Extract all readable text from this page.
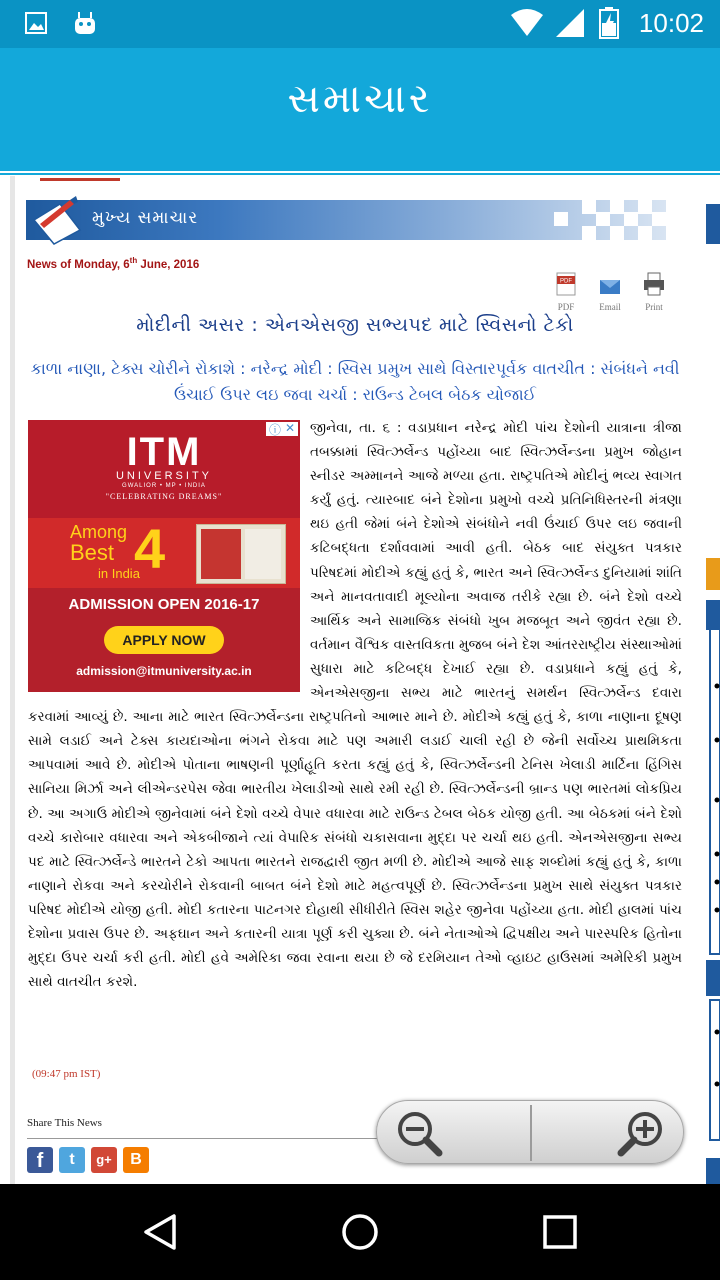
10:02
સમાચાર
મુખ્ય સમાચાર
News of Monday, 6th June, 2016
PDF
PDF	Email	Print
મોદીની અસર : એનએસજી સભ્યપદ માટે સ્વિસનો ટેકો
કાળા નાણા, ટેક્સ ચોરીને રોકાશે : નરેન્દ્ર મોદી : સ્વિસ પ્રમુખ સાથે વિસ્તારપૂર્વક વાતચીત : સંબંધને નવી ઉંચાઈ ઉપર લઇ જવા ચર્ચા : રાઉન્ડ ટેબલ બેઠક યોજાઈ
જીનેવા, તા. ૬ : વડાપ્રધાન નરેન્દ્ર મોદી પાંચ દેશોની યાત્રાના ત્રીજા તબક્કામાં સ્વિત્ઝર્લેન્ડ પહોંચ્યા બાદ સ્વિત્ઝર્લેન્ડના પ્રમુખ જોહાન સ્નીડર અમ્માનને આજે મળ્યા હતા. રાષ્ટ્રપતિએ મોદીનું ભવ્ય સ્વાગત કર્યું હતું. ત્યારબાદ બંને દેશોના પ્રમુખો વચ્ચે પ્રતિનિધિસ્તરની મંત્રણા થઇ હતી જેમાં બંને દેશોએ સંબંધોને નવી ઉંચાઈ ઉપર લઇ જવાની કટિબદ્ધતા દર્શાવવામાં આવી હતી. બેઠક બાદ સંયુક્ત પત્રકાર પરિષદમાં મોદીએ કહ્યું હતું કે, ભારત અને સ્વિત્ઝર્લેન્ડ દુનિયામાં શાંતિ અને માનવતાવાદી મૂલ્યોના અવાજ તરીકે રહ્યા છે. બંને દેશો વચ્ચે આર્થિક અને સામાજિક સંબંધો ખુબ મજબૂત અને જીવંત રહ્યા છે. વર્તમાન વૈશ્વિક વાસ્તવિકતા મુજબ બંને દેશ આંતરરાષ્ટ્રીય સંસ્થાઓમાં સુધારા માટે કટિબદ્ધ દેખાઈ રહ્યા છે. વડાપ્રધાને કહ્યું હતું કે, એનએસજીના સભ્ય માટે ભારતનું સમર્થન સ્વિત્ઝર્લેન્ડ દવારા કરવામાં આવ્યું છે. આના માટે ભારત સ્વિત્ઝર્લેન્ડના રાષ્ટ્રપતિનો આભાર માને છે. મોદીએ કહ્યું હતું કે, કાળા નાણાના દૂષણ સામે લડાઈ અને ટેક્સ કાયદાઓના ભંગને રોકવા માટે પણ અમારી લડાઈ ચાલી રહી છે જેની સર્વોચ્ચ પ્રાથમિકતા આપવામાં આવે છે. મોદીએ પોતાના ભાષણની પૂર્ણાહૂતિ કરતા કહ્યું હતું કે, સ્વિત્ઝર્લેન્ડની ટેનિસ ખેલાડી માર્ટિના હિંગિસ સાનિયા મિર્ઝા અને લીએન્ડરપેસ જેવા ભારતીય ખેલાડીઓ સાથે રમી રહી છે. સ્વિત્ઝર્લેન્ડની બ્રાન્ડ પણ ભારતમાં લોકપ્રિય છે. આ અગાઉ મોદીએ જીનેવામાં બંને દેશો વચ્ચે વેપાર વધારવા માટે રાઉન્ડ ટેબલ બેઠક યોજી હતી. આ બેઠકમાં બંને દેશો વચ્ચે કારોબાર વધારવા અને એકબીજાને ત્યાં વેપારિક સંબંધો ચકાસવાના મુદ્દા પર ચર્ચા થઇ હતી. એનએસજીના સભ્ય પદ માટે સ્વિત્ઝર્લેન્ડે ભારતને ટેકો આપતા ભારતને રાજદ્વારી જીત મળી છે. મોદીએ આજે સાફ શબ્દોમાં કહ્યું હતું કે, કાળા નાણાને રોકવા અને કરચોરીને રોકવાની બાબત બંને દેશો માટે મહત્વપૂર્ણ છે. સ્વિત્ઝર્લેન્ડના પ્રમુખ સાથે સંયુક્ત પત્રકાર પરિષદ મોદીએ યોજી હતી. મોદી કતારના પાટનગર દોહાથી સીધીરીતે સ્વિસ શહેર જીનેવા પહોંચ્યા હતા. મોદી હાલમાં પાંચ દેશોના પ્રવાસ ઉપર છે. અફઘાન અને કતારની યાત્રા પૂર્ણ કરી ચુક્યા છે. બંને નેતાઓએ દ્વિપક્ષીય અને પારસ્પરિક હિતોના મુદ્દા ઉપર ચર્ચા કરી હતી. મોદી હવે અમેરિકા જવા રવાના થયા છે જે દરમિયાન તેઓ વ્હાઇટ હાઉસમાં અમેરિકી પ્રમુખ સાથે વાતચીત કરશે.
ITM
UNIVERSITY
GWALIOR • MP • INDIA
"CELEBRATING DREAMS"
Among
Best 4
in India
ADMISSION OPEN 2016-17
APPLY NOW
admission@itmuniversity.ac.in
ⓘ ✕
(09:47 pm IST)
Share This News
f	t	g+	B
